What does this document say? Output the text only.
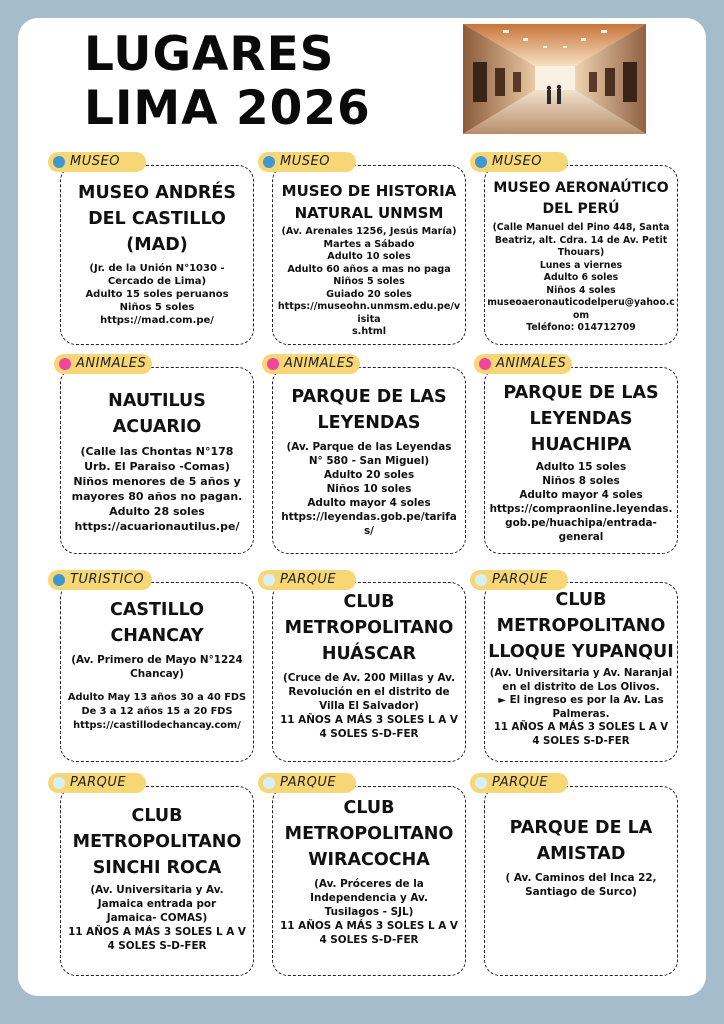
LUGARES
LIMA 2026

MUSEO ANDRÉS
DEL CASTILLO
(MAD)

(Jr. de la Unión N°1030 -
Cercado de Lima)
Adulto 15 soles peruanos
Niños 5 soles
https://mad.com.pe/

MUSEO

MUSEO DE HISTORIA
NATURAL UNMSM

(Av. Arenales 1256, Jesús María)
Martes a Sábado
Adulto 10 soles
Adulto 60 años a mas no paga
Niños 5 soles
Guiado 20 soles
https://museohn.unmsm.edu.pe/visita
s.html

MUSEO

MUSEO AERONAÚTICO
DEL PERÚ

(Calle Manuel del Pino 448, Santa
Beatriz, alt. Cdra. 14 de Av. Petit
Thouars)
Lunes a viernes
Adulto 6 soles
Niños 4 soles
museoaeronauticodelperu@yahoo.com
Teléfono: 014712709

MUSEO

NAUTILUS
ACUARIO

(Calle las Chontas N°178
Urb. El Paraiso -Comas)
Niños menores de 5 años y
mayores 80 años no pagan.
Adulto 28 soles
https://acuarionautilus.pe/

ANIMALES

PARQUE DE LAS
LEYENDAS

(Av. Parque de las Leyendas
N° 580 - San Miguel)
Adulto 20 soles
Niños 10 soles
Adulto mayor 4 soles
https://leyendas.gob.pe/tarifas/

ANIMALES

PARQUE DE LAS
LEYENDAS
HUACHIPA

Adulto 15 soles
Niños 8 soles
Adulto mayor 4 soles
https://compraonline.leyendas.
gob.pe/huachipa/entrada-
general

ANIMALES

CASTILLO
CHANCAY

(Av. Primero de Mayo N°1224
Chancay)

Adulto May 13 años 30 a 40 FDS
De 3 a 12 años 15 a 20 FDS
https://castillodechancay.com/

TURISTICO

CLUB
METROPOLITANO
HUÁSCAR

(Cruce de Av. 200 Millas y Av.
Revolución en el distrito de
Villa El Salvador)
11 AÑOS A MÁS 3 SOLES L A V
4 SOLES S-D-FER

PARQUE

CLUB
METROPOLITANO
LLOQUE YUPANQUI

(Av. Universitaria y Av. Naranjal
en el distrito de Los Olivos.
► El ingreso es por la Av. Las
Palmeras.
11 AÑOS A MÁS 3 SOLES L A V
4 SOLES S-D-FER

PARQUE

CLUB
METROPOLITANO
SINCHI ROCA

(Av. Universitaria y Av.
Jamaica entrada por
Jamaica- COMAS)
11 AÑOS A MÁS 3 SOLES L A V
4 SOLES S-D-FER

PARQUE

CLUB
METROPOLITANO
WIRACOCHA

(Av. Próceres de la
Independencia y Av.
Tusilagos - SJL)
11 AÑOS A MÁS 3 SOLES L A V
4 SOLES S-D-FER

PARQUE

PARQUE DE LA
AMISTAD

( Av. Caminos del Inca 22,
Santiago de Surco)

PARQUE
